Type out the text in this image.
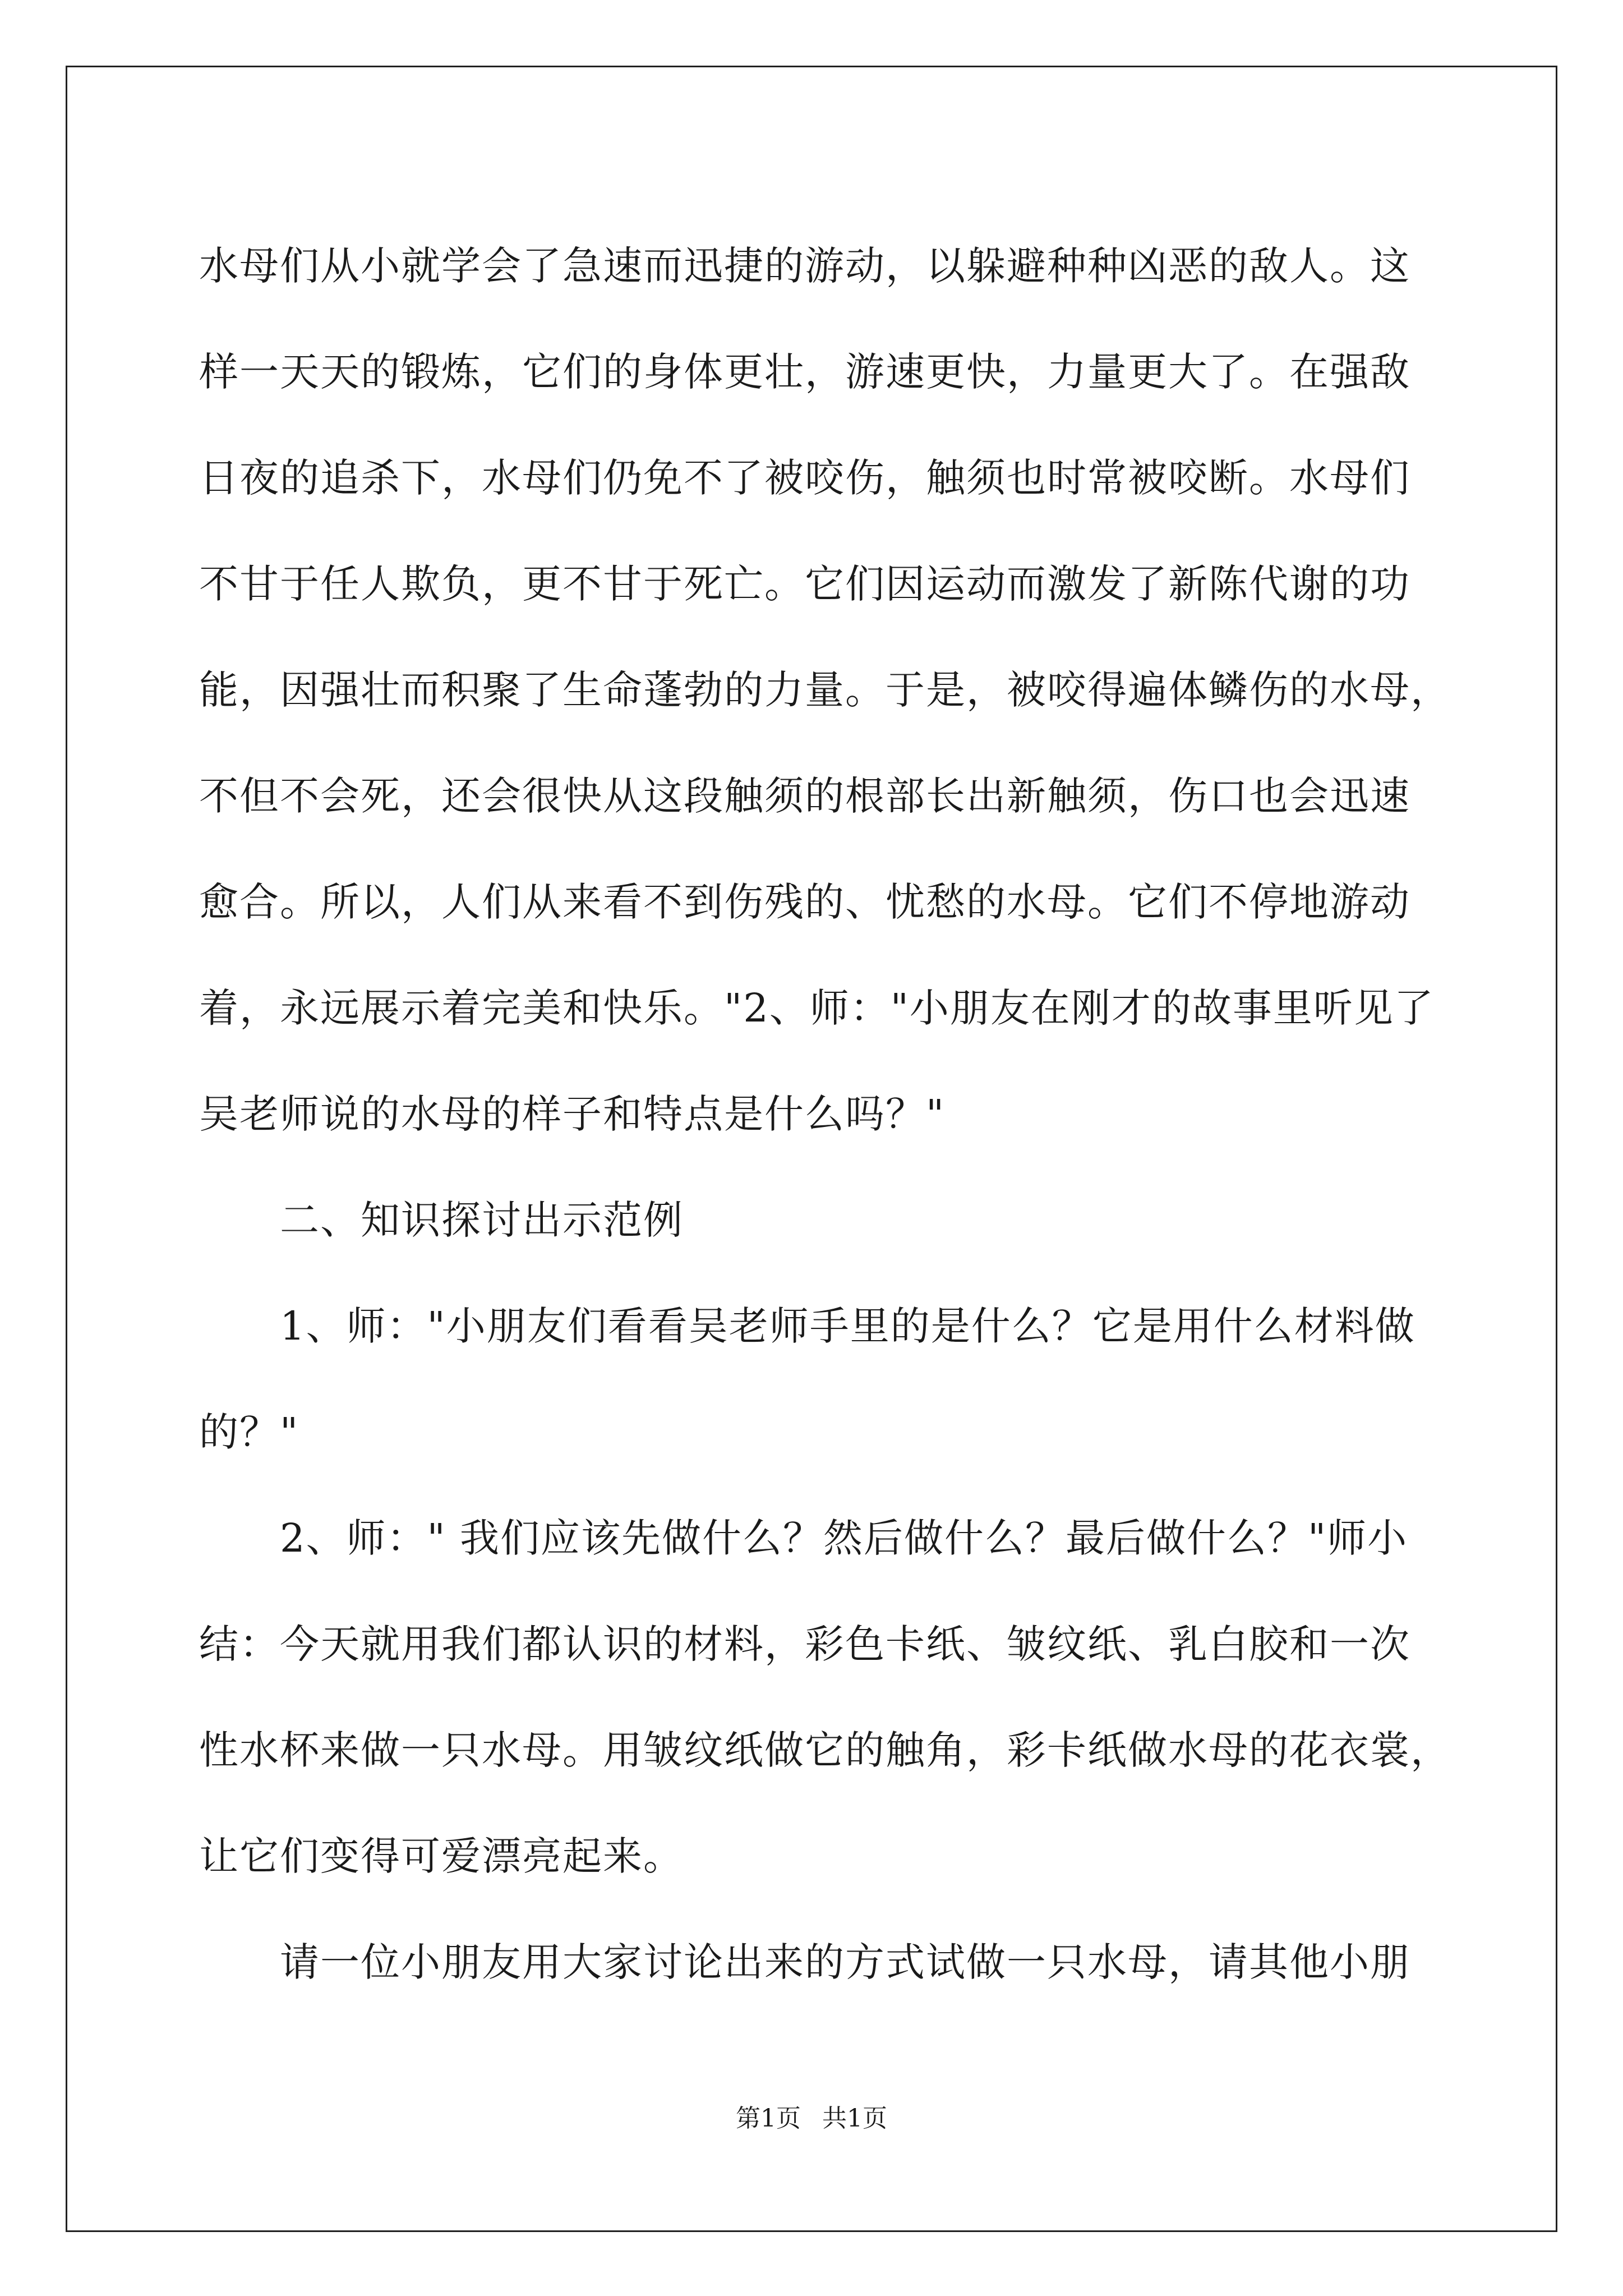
水母们从小就学会了急速而迅捷的游动，以躲避种种凶恶的敌人。这
样一天天的锻炼，它们的身体更壮，游速更快，力量更大了。在强敌
日夜的追杀下，水母们仍免不了被咬伤，触须也时常被咬断。水母们
不甘于任人欺负，更不甘于死亡。它们因运动而激发了新陈代谢的功
能，因强壮而积聚了生命蓬勃的力量。于是，被咬得遍体鳞伤的水母，
不但不会死，还会很快从这段触须的根部长出新触须，伤口也会迅速
愈合。所以，人们从来看不到伤残的、忧愁的水母。它们不停地游动
着，永远展示着完美和快乐。"2、师："小朋友在刚才的故事里听见了
吴老师说的水母的样子和特点是什么吗？"

二、知识探讨出示范例

1、师："小朋友们看看吴老师手里的是什么？它是用什么材料做
的？"

2、师：" 我们应该先做什么？然后做什么？最后做什么？"师小
结：今天就用我们都认识的材料，彩色卡纸、皱纹纸、乳白胶和一次
性水杯来做一只水母。用皱纹纸做它的触角，彩卡纸做水母的花衣裳，
让它们变得可爱漂亮起来。

请一位小朋友用大家讨论出来的方式试做一只水母，请其他小朋

第1页 共1页
